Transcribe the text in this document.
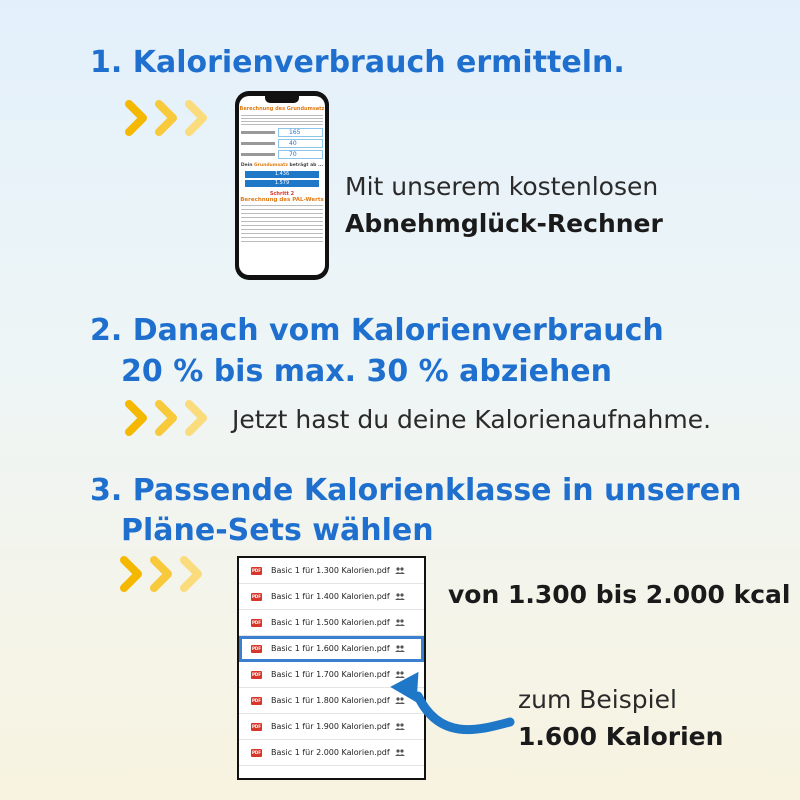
1. Kalorienverbrauch ermitteln.
Berechnung des Grundumsatz
165
40
70
Dein Grundumsatz beträgt ab ...
1.436
1.579
Schritt 2
Berechnung des PAL-Werts Mit unserem kostenlosen
Abnehmglück-Rechner
2. Danach vom Kalorienverbrauch
20 % bis max. 30 % abziehen
Jetzt hast du deine Kalorienaufnahme.
3. Passende Kalorienklasse in unseren
Pläne-Sets wählen
PDF Basic 1 für 1.300 Kalorien.pdf
PDF Basic 1 für 1.400 Kalorien.pdf
PDF Basic 1 für 1.500 Kalorien.pdf
PDF Basic 1 für 1.600 Kalorien.pdf
PDF Basic 1 für 1.700 Kalorien.pdf
PDF Basic 1 für 1.800 Kalorien.pdf
PDF Basic 1 für 1.900 Kalorien.pdf
PDF Basic 1 für 2.000 Kalorien.pdf
von 1.300 bis 2.000 kcal
zum Beispiel
1.600 Kalorien
